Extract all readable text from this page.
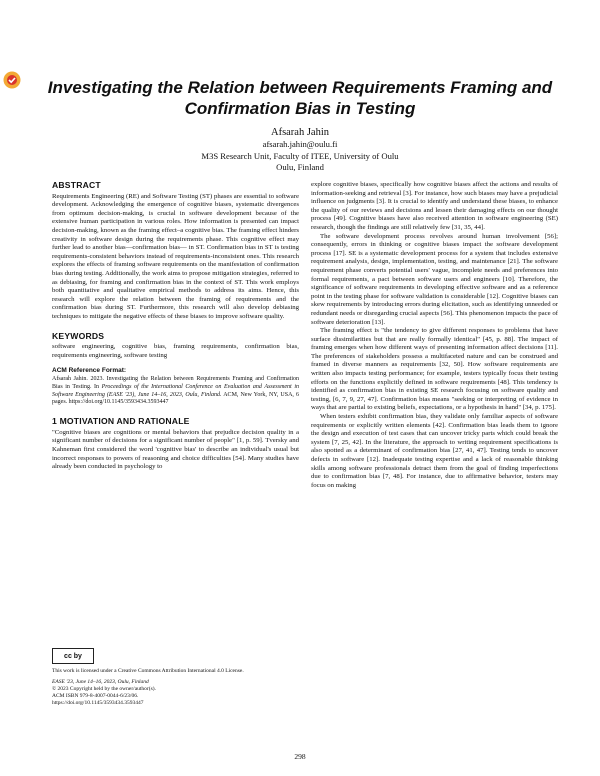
Investigating the Relation between Requirements Framing and Confirmation Bias in Testing
Afsarah Jahin
afsarah.jahin@oulu.fi
M3S Research Unit, Faculty of ITEE, University of Oulu
Oulu, Finland
ABSTRACT

Requirements Engineering (RE) and Software Testing (ST) phases are essential to software development. Acknowledging the emergence of cognitive biases, systematic divergences from optimum decision-making, is crucial in software development because of the extensive human participation in various roles. How information is presented can impact decision-making, known as the framing effect–a cognitive bias. The framing effect hinders creativity in software design during the requirements phase. This cognitive effect may further lead to another bias—confirmation bias— in ST. Confirmation bias in ST is testing requirements-consistent behaviors instead of requirements-inconsistent ones. This research explores the effects of framing software requirements on the manifestation of confirmation bias during testing. Additionally, the work aims to propose mitigation strategies, referred to as debiasing, for framing and confirmation bias in the context of ST. This work employs both quantitative and qualitative empirical methods to address its aims. Hence, this research will explore the relation between the framing of requirements and the confirmation bias during ST. Furthermore, this research will also develop debiasing techniques to mitigate the negative effects of these biases to improve software quality.

KEYWORDS

software engineering, cognitive bias, framing requirements, confirmation bias, requirements engineering, software testing

ACM Reference Format:
Afsarah Jahin. 2023. Investigating the Relation between Requirements Framing and Confirmation Bias in Testing. In Proceedings of the International Conference on Evaluation and Assessment in Software Engineering (EASE '23), June 14–16, 2023, Oulu, Finland. ACM, New York, NY, USA, 6 pages. https://doi.org/10.1145/3593434.3593447
1 MOTIVATION AND RATIONALE

"Cognitive biases are cognitions or mental behaviors that prejudice decision quality in a significant number of decisions for a significant number of people" [1, p. 59]. Tversky and Kahneman first considered the word 'cognitive bias' to describe an individual's usual but incorrect responses to powers of reasoning and choice difficulties [54]. Many studies have already been conducted in psychology to

cc by
This work is licensed under a Creative Commons Attribution International 4.0 License.
EASE '23, June 14–16, 2023, Oulu, Finland
© 2023 Copyright held by the owner/author(s).
ACM ISBN 979-8-4007-0044-6/23/06.
https://doi.org/10.1145/3593434.3593447

explore cognitive biases, specifically how cognitive biases affect the actions and results of information-seeking and retrieval [3]. For instance, how such biases may have a prejudicial influence on judgments [3]. It is crucial to identify and understand these biases, to enhance the quality of our reviews and decisions and lessen their damaging effects on our thought process [49]. Cognitive biases have also received attention in software engineering (SE) research, though the findings are still relatively few [31, 35, 44].

The software development process revolves around human involvement [56]; consequently, errors in thinking or cognitive biases impact the software development process [17]. SE is a systematic development process for a system that includes extensive requirement analysis, design, implementation, testing, and maintenance [21]. The software requirement phase converts potential users' vague, incomplete needs and preferences into formal requirements, a pact between software users and engineers [10]. Therefore, the significance of software requirements in developing effective software and as a reference point in the testing phase for software validation is considerable [12]. Cognitive biases can skew requirements by introducing errors during elicitation, such as identifying unneeded or redundant needs or disregarding crucial aspects [56]. This phenomenon impacts the pace of software deterioration [13].

The framing effect is "the tendency to give different responses to problems that have surface dissimilarities but that are really formally identical" [45, p. 88]. The impact of framing emerges when how different ways of presenting information affect decisions [11]. The preferences of stakeholders possess a multifaceted nature and can be construed and framed in diverse manners as requirements [32, 50]. How software requirements are written also impacts testing performance; for example, testers typically focus their testing efforts on the functions explicitly defined in software requirements [48]. This tendency is identified as confirmation bias in existing SE research focusing on software quality and testing, [6, 7, 9, 27, 47]. Confirmation bias means "seeking or interpreting of evidence in ways that are partial to existing beliefs, expectations, or a hypothesis in hand" [34, p. 175].

When testers exhibit confirmation bias, they validate only familiar aspects of software requirements or explicitly written elements [42]. Confirmation bias leads them to ignore the design and execution of test cases that can uncover tricky parts which could break the system [7, 25, 42]. In the literature, the approach to writing requirement specifications is also spotted as a determinant of confirmation bias [27, 41, 47]. Testing tends to uncover defects in software [12]. Inadequate testing expertise and a lack of reasonable thinking skills among software professionals detract them from the goal of finding imperfections due to confirmation bias [7, 48]. For instance, due to affirmative behavior, testers may focus on making

298
